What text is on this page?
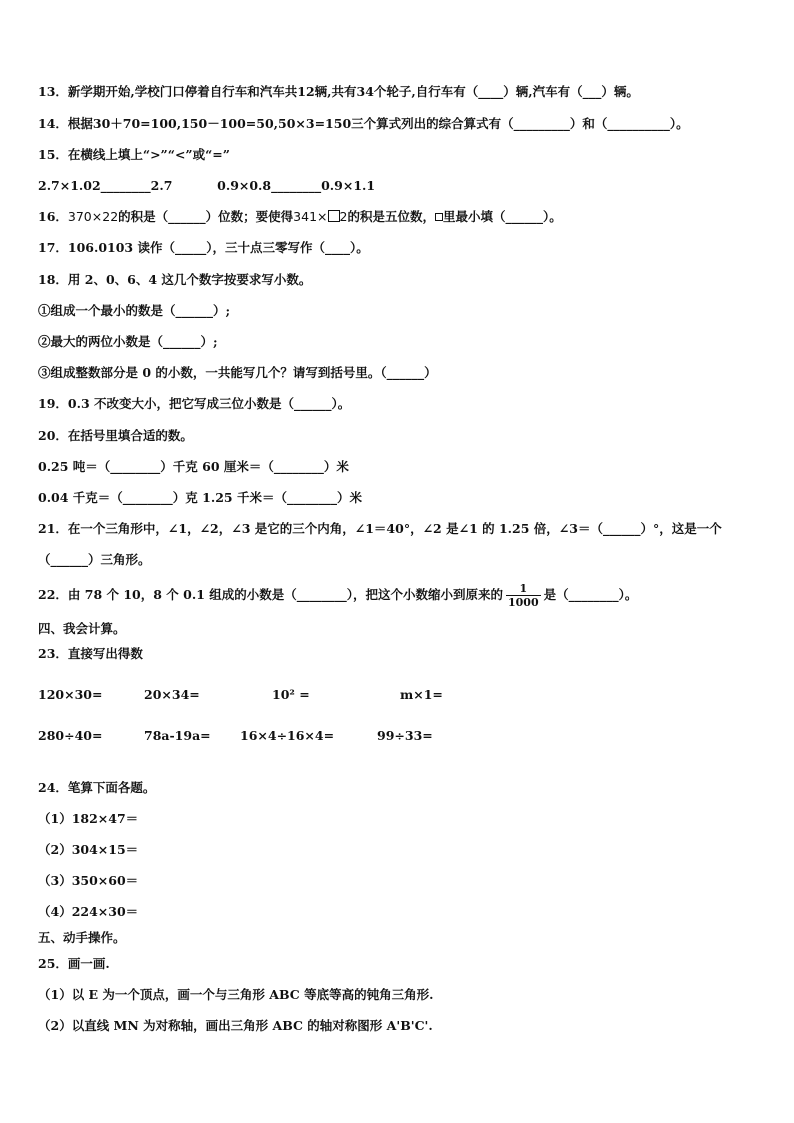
13．新学期开始,学校门口停着自行车和汽车共12辆,共有34个轮子,自行车有（____）辆,汽车有（___）辆。
14．根据30＋70=100,150－100=50,50×3=150三个算式列出的综合算式有（_________）和（__________）。
15．在横线上填上“>”“<”或“=”
2.7×1.02________2.7	0.9×0.8________0.9×1.1
16．370×22的积是（______）位数；要使得341× 2的积是五位数， 里最小填（______）。
17．106.0103 读作（_____），三十点三零写作（____）。
18．用 2、0、6、4 这几个数字按要求写小数。
①组成一个最小的数是（______）;
②最大的两位小数是（______）;
③组成整数部分是 0 的小数，一共能写几个？请写到括号里。（______）
19．0.3 不改变大小，把它写成三位小数是（______）。
20．在括号里填合适的数。
0.25 吨＝（________）千克 60 厘米＝（________）米
0.04 千克＝（________）克 1.25 千米＝（________）米
21．在一个三角形中，∠1，∠2，∠3 是它的三个内角，∠1＝40°，∠2 是∠1 的 1.25 倍，∠3＝（______）°，这是一个
（______）三角形。
22．由 78 个 10，8 个 0.1 组成的小数是（________），把这个小数缩小到原来的 $\frac{1}{1000}$ 是（________）。
四、我会计算。
23．直接写出得数
120×30=	20×34=	10² =	m×1=
280÷40=	78a-19a= 16×4÷16×4=	99÷33=
24．笔算下面各题。
（1）182×47＝
（2）304×15＝
（3）350×60＝
（4）224×30＝
五、动手操作。
25．画一画.
（1）以 E 为一个顶点，画一个与三角形 ABC 等底等高的钝角三角形.
（2）以直线 MN 为对称轴，画出三角形 ABC 的轴对称图形 A'B'C'.
